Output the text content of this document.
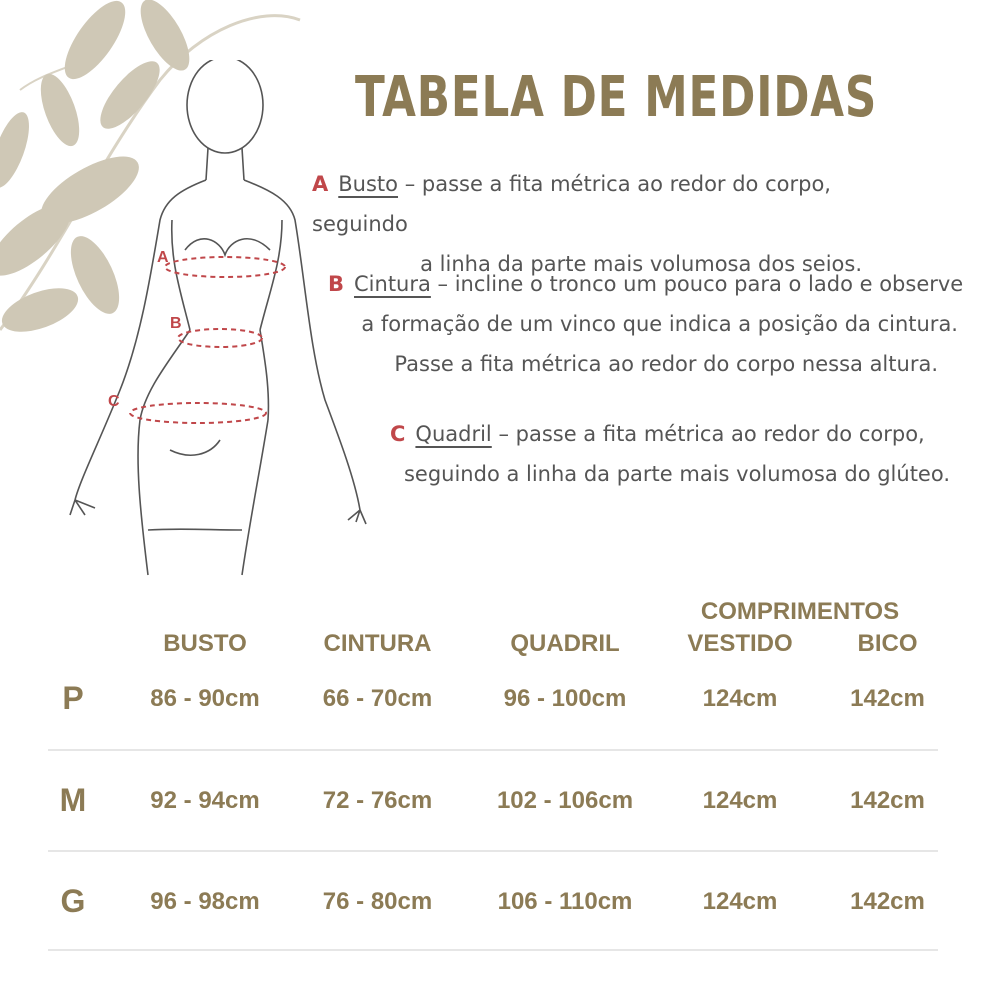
A
B
C
TABELA DE MEDIDAS
A Busto – passe a fita métrica ao redor do corpo, seguindo
a linha da parte mais volumosa dos seios.
B Cintura – incline o tronco um pouco para o lado e observe
a formação de um vinco que indica a posição da cintura.
Passe a fita métrica ao redor do corpo nessa altura.
C Quadril – passe a fita métrica ao redor do corpo,
seguindo a linha da parte mais volumosa do glúteo.
COMPRIMENTOS
BUSTO	CINTURA	QUADRIL	VESTIDO	BICO
P	86 - 90cm	66 - 70cm	96 - 100cm	124cm	142cm
M	92 - 94cm	72 - 76cm	102 - 106cm	124cm	142cm
G	96 - 98cm	76 - 80cm	106 - 110cm	124cm	142cm
